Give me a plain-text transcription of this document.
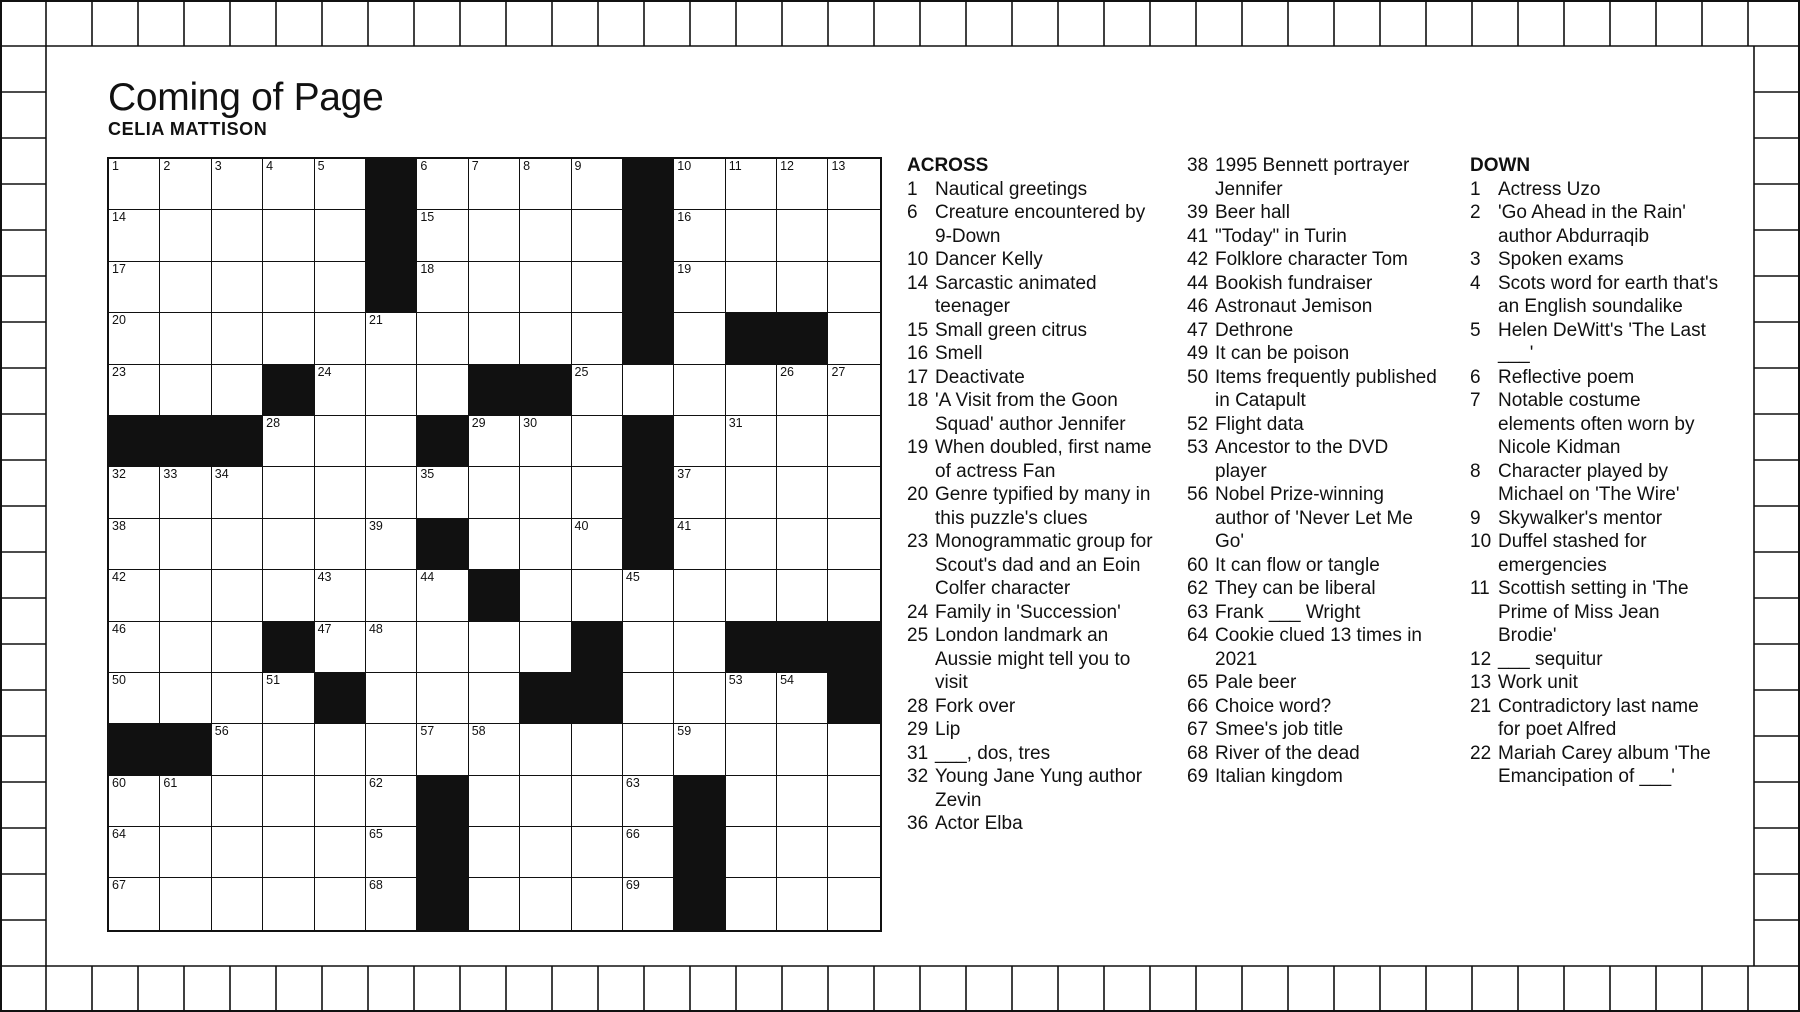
Coming of Page
CELIA MATTISON
1	2	3	4	5	6	7	8	9	10	11	12	13
14	15	16
17	18	19
20	21
23	24	25	26	27
28	29	30	31
32	33	34	35	37
38	39	40	41
42	43	44	45
46	47	48
50	51	53	54
56	57	58	59
60	61	62	63
64	65	66
67	68	69
ACROSS
1 Nautical greetings
6 Creature encountered by 9-Down
10 Dancer Kelly
14 Sarcastic animated teenager
15 Small green citrus
16 Smell
17 Deactivate
18 'A Visit from the Goon Squad' author Jennifer
19 When doubled, first name of actress Fan
20 Genre typified by many in this puzzle's clues
23 Monogrammatic group for Scout's dad and an Eoin Colfer character
24 Family in 'Succession'
25 London landmark an Aussie might tell you to visit
28 Fork over
29 Lip
31 ___, dos, tres
32 Young Jane Yung author Zevin
36 Actor Elba
38 1995 Bennett portrayer Jennifer
39 Beer hall
41 "Today" in Turin
42 Folklore character Tom
44 Bookish fundraiser
46 Astronaut Jemison
47 Dethrone
49 It can be poison
50 Items frequently published in Catapult
52 Flight data
53 Ancestor to the DVD player
56 Nobel Prize-winning author of 'Never Let Me Go'
60 It can flow or tangle
62 They can be liberal
63 Frank ___ Wright
64 Cookie clued 13 times in 2021
65 Pale beer
66 Choice word?
67 Smee's job title
68 River of the dead
69 Italian kingdom
DOWN
1 Actress Uzo
2 'Go Ahead in the Rain' author Abdurraqib
3 Spoken exams
4 Scots word for earth that's an English soundalike
5 Helen DeWitt's 'The Last ___'
6 Reflective poem
7 Notable costume elements often worn by Nicole Kidman
8 Character played by Michael on 'The Wire'
9 Skywalker's mentor
10 Duffel stashed for emergencies
11 Scottish setting in 'The Prime of Miss Jean Brodie'
12 ___ sequitur
13 Work unit
21 Contradictory last name for poet Alfred
22 Mariah Carey album 'The Emancipation of ___'
